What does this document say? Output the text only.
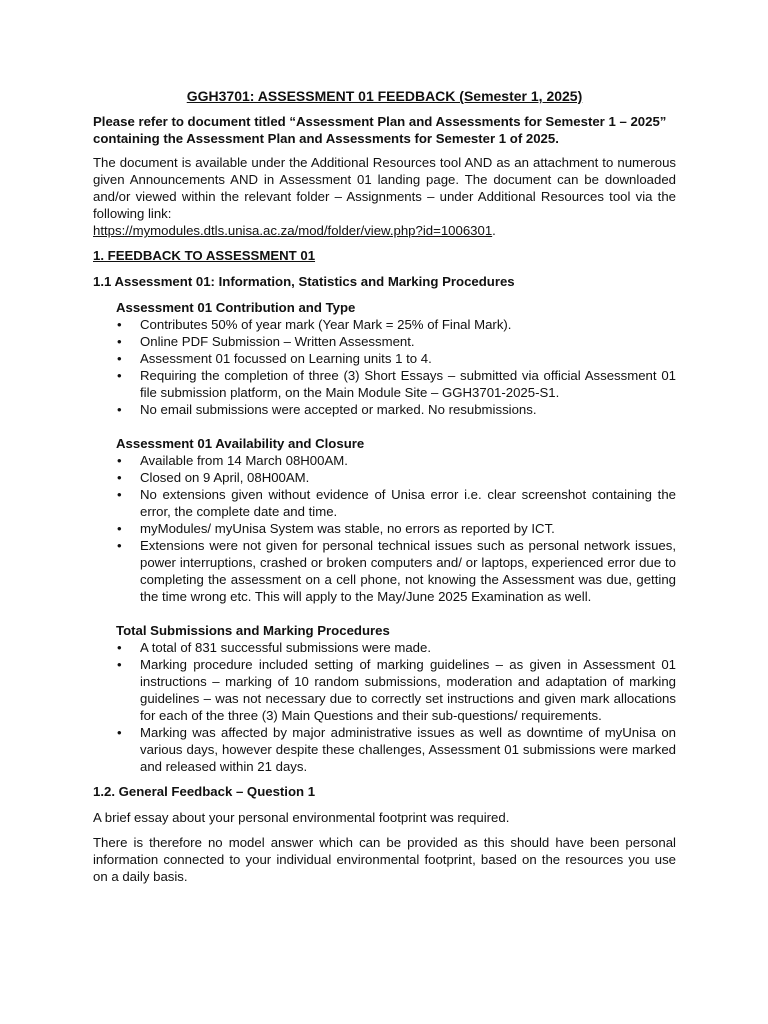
GGH3701: ASSESSMENT 01 FEEDBACK (Semester 1, 2025)

Please refer to document titled “Assessment Plan and Assessments for Semester 1 – 2025” containing the Assessment Plan and Assessments for Semester 1 of 2025.

The document is available under the Additional Resources tool AND as an attachment to numerous given Announcements AND in Assessment 01 landing page. The document can be downloaded and/or viewed within the relevant folder – Assignments – under Additional Resources tool via the following link:

https://mymodules.dtls.unisa.ac.za/mod/folder/view.php?id=1006301.

1. FEEDBACK TO ASSESSMENT 01
1.1 Assessment 01: Information, Statistics and Marking Procedures
Assessment 01 Contribution and Type
• Contributes 50% of year mark (Year Mark = 25% of Final Mark).
• Online PDF Submission – Written Assessment.
• Assessment 01 focussed on Learning units 1 to 4.
• Requiring the completion of three (3) Short Essays – submitted via official Assessment 01 file submission platform, on the Main Module Site – GGH3701-2025-S1.
• No email submissions were accepted or marked. No resubmissions.
Assessment 01 Availability and Closure
• Available from 14 March 08H00AM.
• Closed on 9 April, 08H00AM.
• No extensions given without evidence of Unisa error i.e. clear screenshot containing the error, the complete date and time.
• myModules/ myUnisa System was stable, no errors as reported by ICT.
• Extensions were not given for personal technical issues such as personal network issues, power interruptions, crashed or broken computers and/ or laptops, experienced error due to completing the assessment on a cell phone, not knowing the Assessment was due, getting the time wrong etc. This will apply to the May/June 2025 Examination as well.
Total Submissions and Marking Procedures
• A total of 831 successful submissions were made.
• Marking procedure included setting of marking guidelines – as given in Assessment 01 instructions – marking of 10 random submissions, moderation and adaptation of marking guidelines – was not necessary due to correctly set instructions and given mark allocations for each of the three (3) Main Questions and their sub-questions/ requirements.
• Marking was affected by major administrative issues as well as downtime of myUnisa on various days, however despite these challenges, Assessment 01 submissions were marked and released within 21 days.
1.2. General Feedback – Question 1

A brief essay about your personal environmental footprint was required.

There is therefore no model answer which can be provided as this should have been personal information connected to your individual environmental footprint, based on the resources you use on a daily basis.
